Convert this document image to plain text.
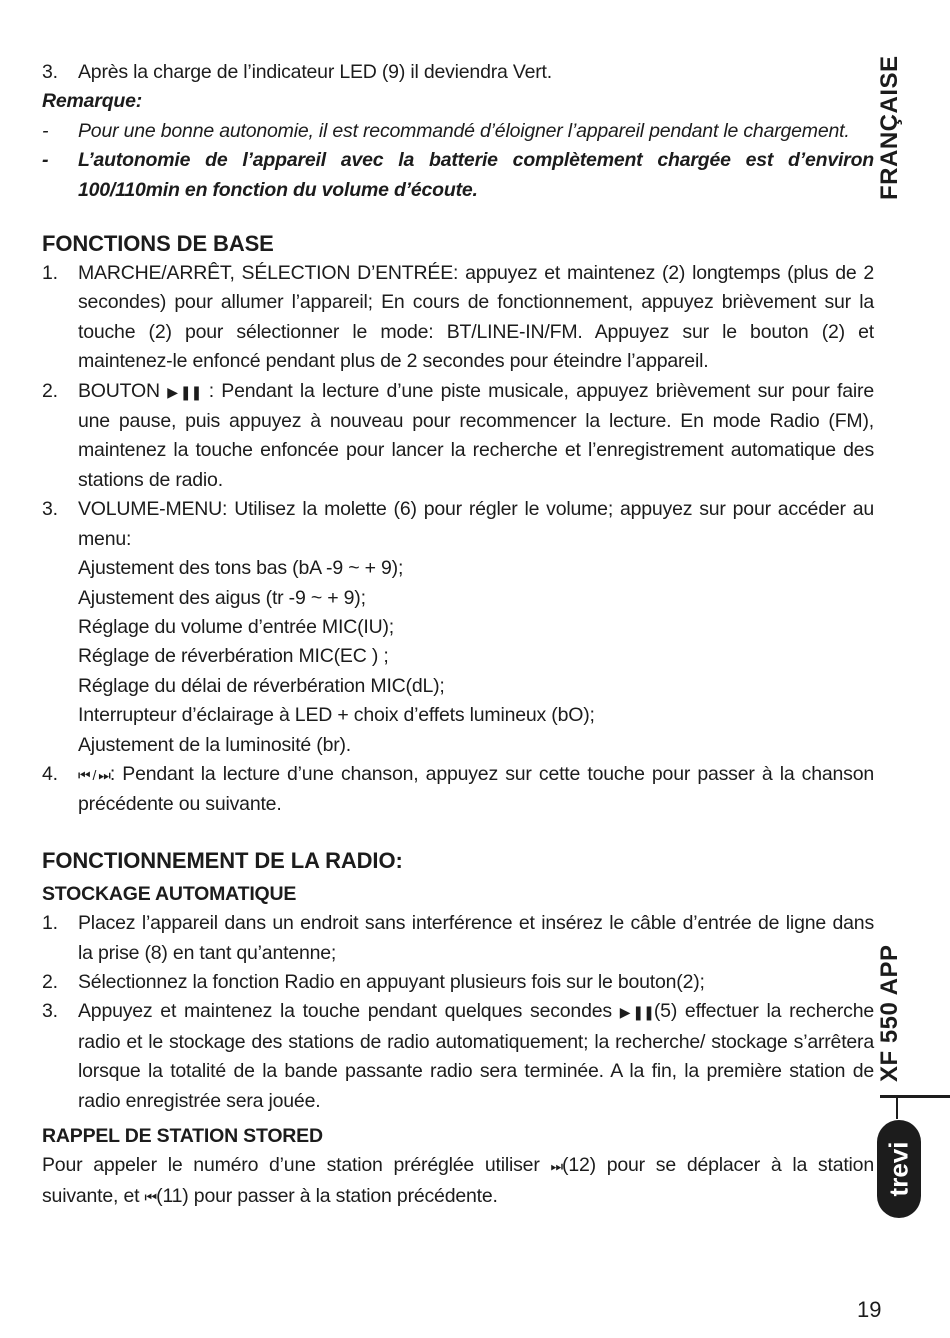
3.	Après la charge de l’indicateur LED (9) il deviendra Vert.
Remarque:
-	Pour une bonne autonomie, il est recommandé d’éloigner l’appareil pendant le chargement.
-	L’autonomie de l’appareil avec la batterie complètement chargée est d’environ 100/110min en fonction du volume d’écoute.
FONCTIONS DE BASE
1.	MARCHE/ARRÊT, SÉLECTION D’ENTRÉE: appuyez et maintenez (2) longtemps (plus de 2 secondes) pour allumer l’appareil; En cours de fonctionnement, appuyez brièvement sur la touche (2) pour sélectionner le mode: BT/LINE-IN/FM. Appuyez sur le bouton (2) et maintenez-le enfoncé pendant plus de 2 secondes pour éteindre l’appareil.
2.	BOUTON ▶ ❚❚ : Pendant la lecture d’une piste musicale, appuyez brièvement sur pour faire une pause, puis appuyez à nouveau pour recommencer la lecture. En mode Radio (FM), maintenez la touche enfoncée pour lancer la recherche et l’enregistrement automatique des stations de radio.
3.	VOLUME-MENU: Utilisez la molette (6) pour régler le volume; appuyez sur pour accéder au menu:
Ajustement des tons bas (bA -9 ~ + 9);
Ajustement des aigus (tr -9 ~ + 9);
Réglage du volume d’entrée MIC(IU);
Réglage de réverbération MIC(EC ) ;
Réglage du délai de réverbération MIC(dL);
Interrupteur d’éclairage à LED + choix d’effets lumineux (bO);
Ajustement de la luminosité (br).
4.	⏮ / ⏭: Pendant la lecture d’une chanson, appuyez sur cette touche pour passer à la chanson précédente ou suivante.
FONCTIONNEMENT DE LA RADIO:
STOCKAGE AUTOMATIQUE
1.	Placez l’appareil dans un endroit sans interférence et insérez le câble d’entrée de ligne dans la prise (8) en tant qu’antenne;
2.	Sélectionnez la fonction Radio en appuyant plusieurs fois sur le bouton(2);
3.	Appuyez et maintenez la touche pendant quelques secondes ▶ ❚❚(5) effectuer la recherche radio et le stockage des stations de radio automatiquement; la recherche/ stockage s’arrêtera lorsque la totalité de la bande passante radio sera terminée. A la fin, la première station de radio enregistrée sera jouée.
RAPPEL DE STATION STORED
Pour appeler le numéro d’une station préréglée utiliser ⏭(12) pour se déplacer à la station suivante, et ⏮(11) pour passer à la station précédente.
FRANÇAISE
XF 550 APP
trevi
19
